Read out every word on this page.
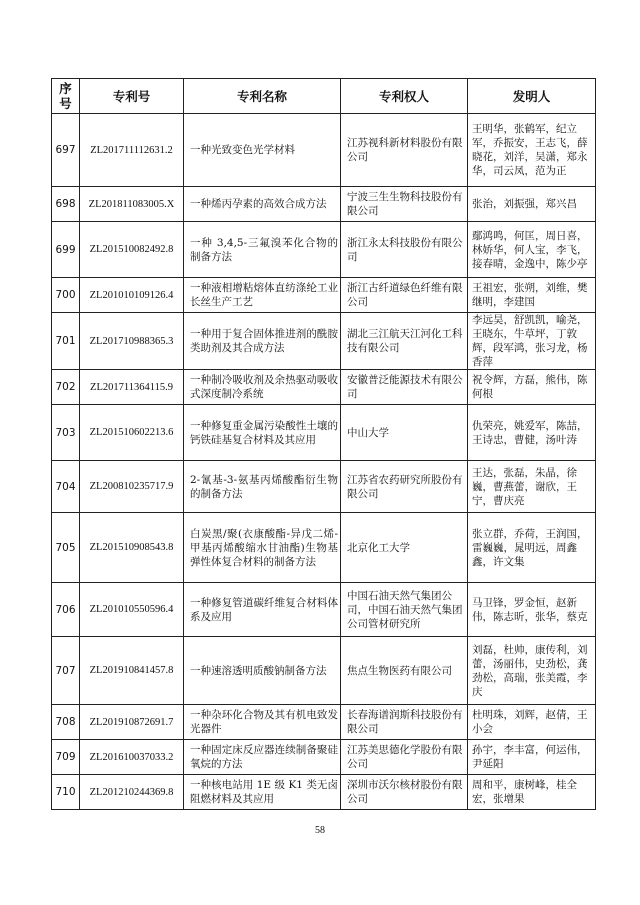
序号	专利号	专利名称	专利权人	发明人
697	ZL201711112631.2	一种光致变色光学材料	江苏视科新材料股份有限公司	王明华，张鹤军，纪立军，乔振安，王志飞，薛晓花，刘洋，吴潇，郑永华，司云凤，范为正
698	ZL201811083005.X	一种烯丙孕素的高效合成方法	宁波三生生物科技股份有限公司	张治，刘振强，郑兴昌
699	ZL201510082492.8	一种 3,4,5-三氟溴苯化合物的制备方法	浙江永太科技股份有限公司	鄢鸿鸣，何匡，周日喜，林娇华，何人宝，李飞，接春晴，金逸中，陈少亭
700	ZL201010109126.4	一种液相增粘熔体直纺涤纶工业长丝生产工艺	浙江古纤道绿色纤维有限公司	王祖宏，张朔，刘维，樊继明，李建国
701	ZL201710988365.3	一种用于复合固体推进剂的酰胺类助剂及其合成方法	湖北三江航天江河化工科技有限公司	李远昊，舒凯凯，喻尧，王晓东，牛草坪，丁敦辉，段军鸿，张习龙，杨香萍
702	ZL201711364115.9	一种制冷吸收剂及余热驱动吸收式深度制冷系统	安徽普泛能源技术有限公司	祝令辉，方磊，熊伟，陈何根
703	ZL201510602213.6	一种修复重金属污染酸性土壤的钙铁硅基复合材料及其应用	中山大学	仇荣亮，姚爱军，陈喆，王诗忠，曹健，汤叶涛
704	ZL200810235717.9	2-氰基-3-氨基丙烯酸酯衍生物的制备方法	江苏省农药研究所股份有限公司	王达，张磊，朱晶，徐巍，曹燕蕾，谢欣，王宁，曹庆亮
705	ZL201510908543.8	白炭黑/聚(衣康酸酯-异戊二烯-甲基丙烯酸缩水甘油酯)生物基弹性体复合材料的制备方法	北京化工大学	张立群，乔荷，王润国，雷巍巍，晁明远，周鑫鑫，许文集
706	ZL201010550596.4	一种修复管道碳纤维复合材料体系及应用	中国石油天然气集团公司，中国石油天然气集团公司管材研究所	马卫锋，罗金恒，赵新伟，陈志昕，张华，蔡克
707	ZL201910841457.8	一种速溶透明质酸钠制备方法	焦点生物医药有限公司	刘磊，杜帅，康传利，刘蕾，汤丽伟，史劲松，龚劲松，高瑞，张美霞，李庆
708	ZL201910872691.7	一种杂环化合物及其有机电致发光器件	长春海谱润斯科技股份有限公司	杜明珠，刘辉，赵倩，王小会
709	ZL201610037033.2	一种固定床反应器连续制备聚硅氧烷的方法	江苏美思德化学股份有限公司	孙宇，李丰富，何运伟，尹延阳
710	ZL201210244369.8	一种核电站用 1E 级 K1 类无卤阻燃材料及其应用	深圳市沃尔核材股份有限公司	周和平，康树峰，桂全宏，张增果
58
